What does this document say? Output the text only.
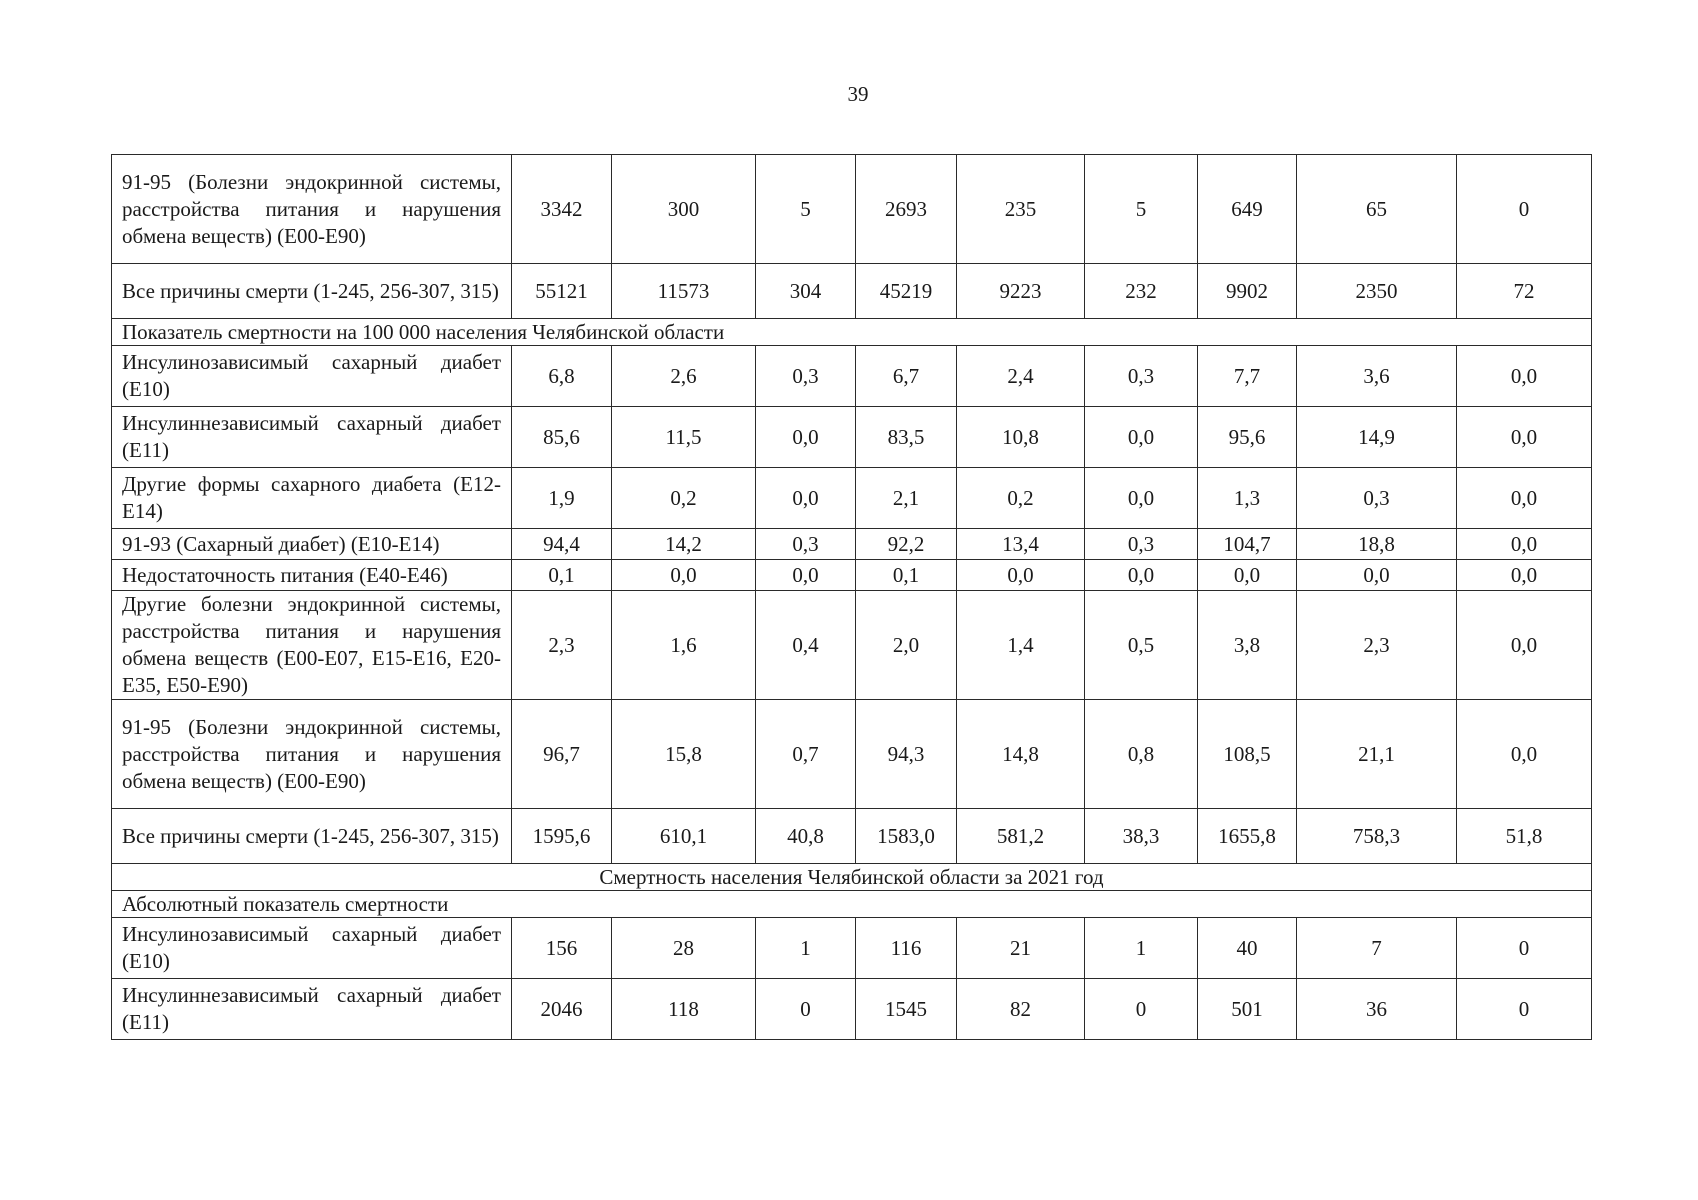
39
91-95 (Болезни эндокринной системы, расстройства питания и нарушения обмена веществ) (Е00-Е90)	3342	300	5	2693	235	5	649	65	0
Все причины смерти (1-245, 256-307, 315)	55121	11573	304	45219	9223	232	9902	2350	72
Показатель смертности на 100 000 населения Челябинской области									
Инсулинозависимый сахарный диабет (Е10)	6,8	2,6	0,3	6,7	2,4	0,3	7,7	3,6	0,0
Инсулиннезависимый сахарный диабет (Е11)	85,6	11,5	0,0	83,5	10,8	0,0	95,6	14,9	0,0
Другие формы сахарного диабета (Е12-Е14)	1,9	0,2	0,0	2,1	0,2	0,0	1,3	0,3	0,0
91-93 (Сахарный диабет) (Е10-Е14)	94,4	14,2	0,3	92,2	13,4	0,3	104,7	18,8	0,0
Недостаточность питания (Е40-Е46)	0,1	0,0	0,0	0,1	0,0	0,0	0,0	0,0	0,0
Другие болезни эндокринной системы, расстройства питания и нарушения обмена веществ (Е00-Е07, Е15-Е16, Е20-Е35, Е50-Е90)	2,3	1,6	0,4	2,0	1,4	0,5	3,8	2,3	0,0
91-95 (Болезни эндокринной системы, расстройства питания и нарушения обмена веществ) (Е00-Е90)	96,7	15,8	0,7	94,3	14,8	0,8	108,5	21,1	0,0
Все причины смерти (1-245, 256-307, 315)	1595,6	610,1	40,8	1583,0	581,2	38,3	1655,8	758,3	51,8
Смертность населения Челябинской области за 2021 год									
Абсолютный показатель смертности									
Инсулинозависимый сахарный диабет (Е10)	156	28	1	116	21	1	40	7	0
Инсулиннезависимый сахарный диабет (Е11)	2046	118	0	1545	82	0	501	36	0
